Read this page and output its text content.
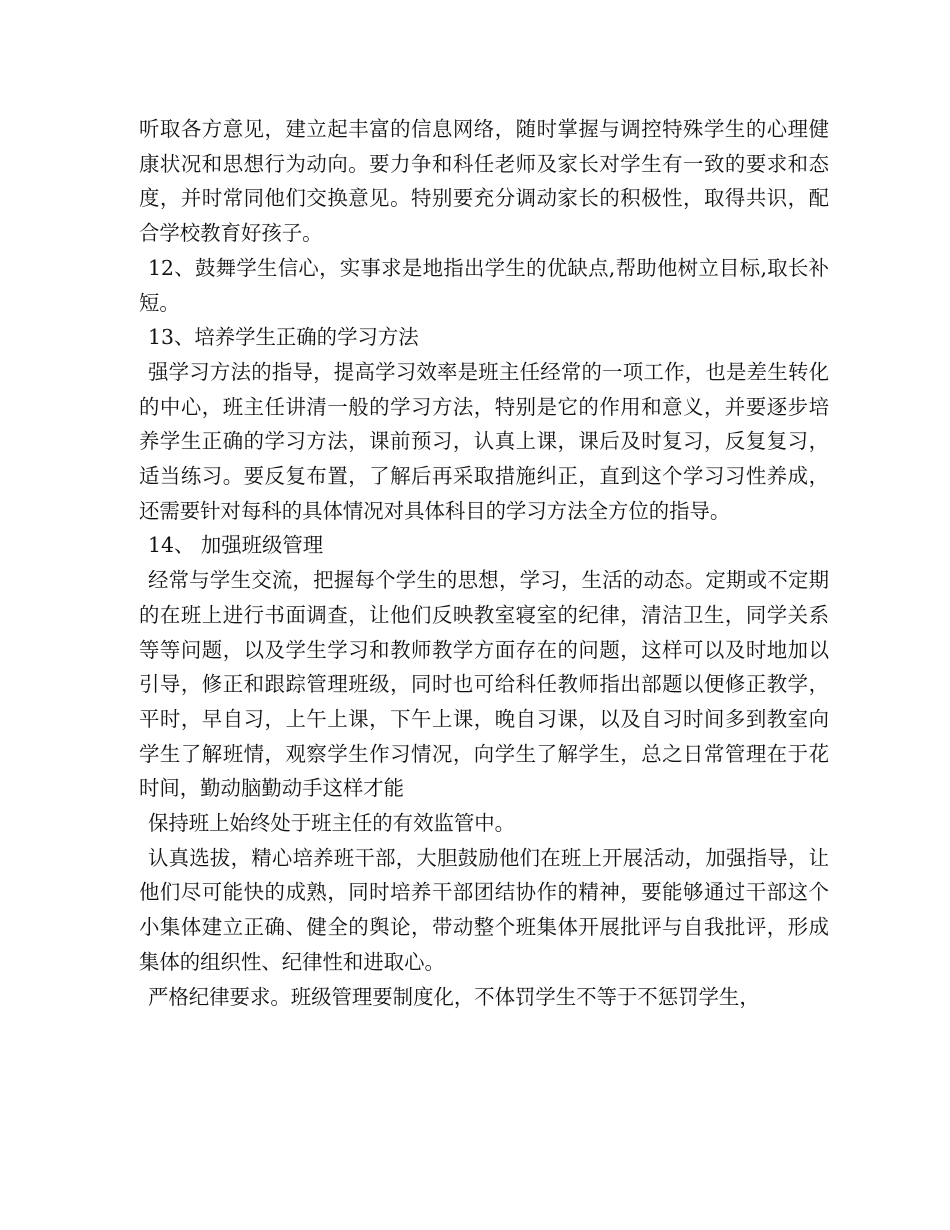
听取各方意见，建立起丰富的信息网络，随时掌握与调控特殊学生的心理健康状况和思想行为动向。要力争和科任老师及家长对学生有一致的要求和态度，并时常同他们交换意见。特别要充分调动家长的积极性，取得共识，配合学校教育好孩子。

12、鼓舞学生信心，实事求是地指出学生的优缺点,帮助他树立目标,取长补短。

13、培养学生正确的学习方法

强学习方法的指导，提高学习效率是班主任经常的一项工作，也是差生转化的中心，班主任讲清一般的学习方法，特别是它的作用和意义，并要逐步培养学生正确的学习方法，课前预习，认真上课，课后及时复习，反复复习，适当练习。要反复布置，了解后再采取措施纠正，直到这个学习习性养成，还需要针对每科的具体情况对具体科目的学习方法全方位的指导。

14、 加强班级管理

经常与学生交流，把握每个学生的思想，学习，生活的动态。定期或不定期的在班上进行书面调查，让他们反映教室寝室的纪律，清洁卫生，同学关系等等问题，以及学生学习和教师教学方面存在的问题，这样可以及时地加以引导，修正和跟踪管理班级，同时也可给科任教师指出部题以便修正教学，平时，早自习，上午上课，下午上课，晚自习课，以及自习时间多到教室向学生了解班情，观察学生作习情况，向学生了解学生，总之日常管理在于花时间，勤动脑勤动手这样才能

保持班上始终处于班主任的有效监管中。

认真选拔，精心培养班干部，大胆鼓励他们在班上开展活动，加强指导，让他们尽可能快的成熟，同时培养干部团结协作的精神，要能够通过干部这个小集体建立正确、健全的舆论，带动整个班集体开展批评与自我批评，形成集体的组织性、纪律性和进取心。

严格纪律要求。班级管理要制度化，不体罚学生不等于不惩罚学生，
